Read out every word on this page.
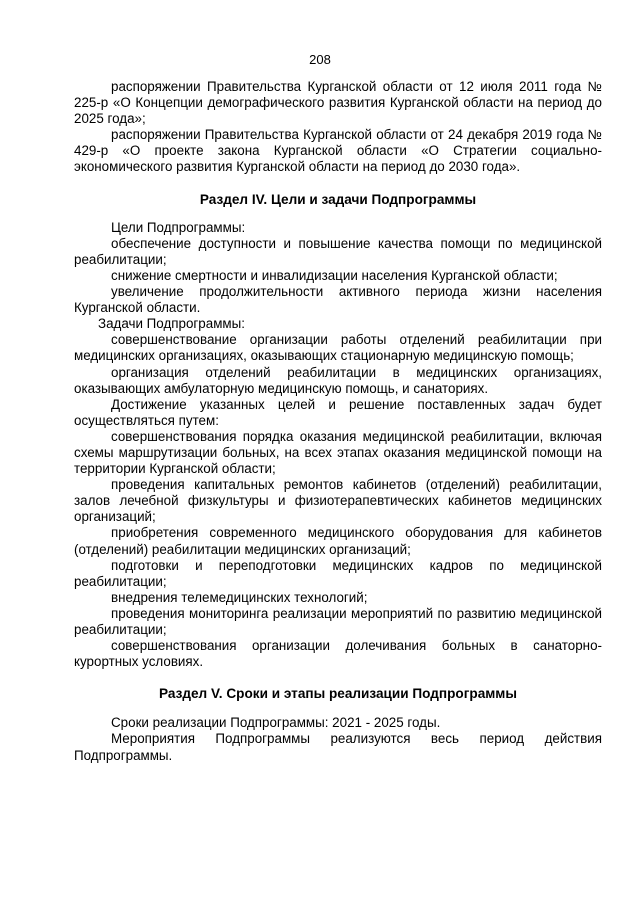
208

распоряжении Правительства Курганской области от 12 июля 2011 года № 225-р «О Концепции демографического развития Курганской области на период до 2025 года»;

распоряжении Правительства Курганской области от 24 декабря 2019 года № 429-р «О проекте закона Курганской области «О Стратегии социально-экономического развития Курганской области на период до 2030 года».

Раздел IV. Цели и задачи Подпрограммы

Цели Подпрограммы:

обеспечение доступности и повышение качества помощи по медицинской реабилитации;

снижение смертности и инвалидизации населения Курганской области;

увеличение продолжительности активного периода жизни населения Курганской области.

Задачи Подпрограммы:

совершенствование организации работы отделений реабилитации при медицинских организациях, оказывающих стационарную медицинскую помощь;

организация отделений реабилитации в медицинских организациях, оказывающих амбулаторную медицинскую помощь, и санаториях.

Достижение указанных целей и решение поставленных задач будет осуществляться путем:

совершенствования порядка оказания медицинской реабилитации, включая схемы маршрутизации больных, на всех этапах оказания медицинской помощи на территории Курганской области;

проведения капитальных ремонтов кабинетов (отделений) реабилитации, залов лечебной физкультуры и физиотерапевтических кабинетов медицинских организаций;

приобретения современного медицинского оборудования для кабинетов (отделений) реабилитации медицинских организаций;

подготовки и переподготовки медицинских кадров по медицинской реабилитации;

внедрения телемедицинских технологий;

проведения мониторинга реализации мероприятий по развитию медицинской реабилитации;

совершенствования организации долечивания больных в санаторно-курортных условиях.

Раздел V. Сроки и этапы реализации Подпрограммы

Сроки реализации Подпрограммы: 2021 - 2025 годы.

Мероприятия Подпрограммы реализуются весь период действия Подпрограммы.
